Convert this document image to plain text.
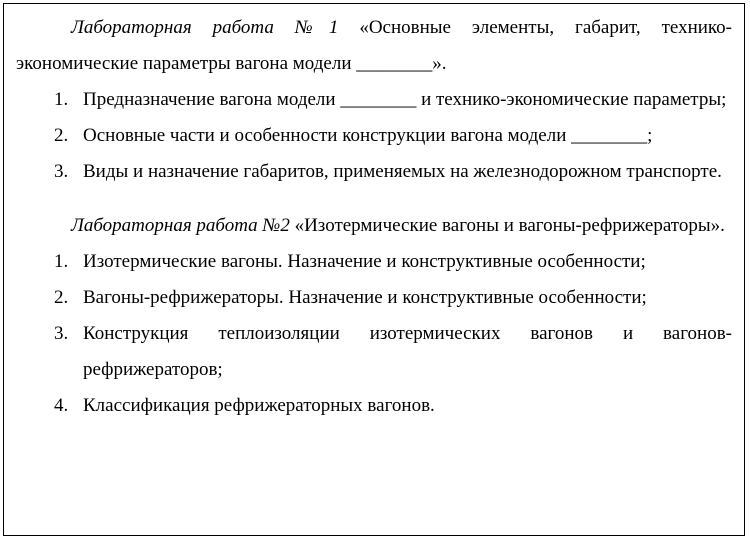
Лабораторная работа №1 «Основные элементы, габарит, технико-экономические параметры вагона модели ________».

1. Предназначение вагона модели ________ и технико-экономические параметры;
2. Основные части и особенности конструкции вагона модели ________;
3. Виды и назначение габаритов, применяемых на железнодорожном транспорте.

Лабораторная работа №2 «Изотермические вагоны и вагоны-рефрижераторы».

1. Изотермические вагоны. Назначение и конструктивные особенности;
2. Вагоны-рефрижераторы. Назначение и конструктивные особенности;
3. Конструкция теплоизоляции изотермических вагонов и вагонов-рефрижераторов;
4. Классификация рефрижераторных вагонов.
